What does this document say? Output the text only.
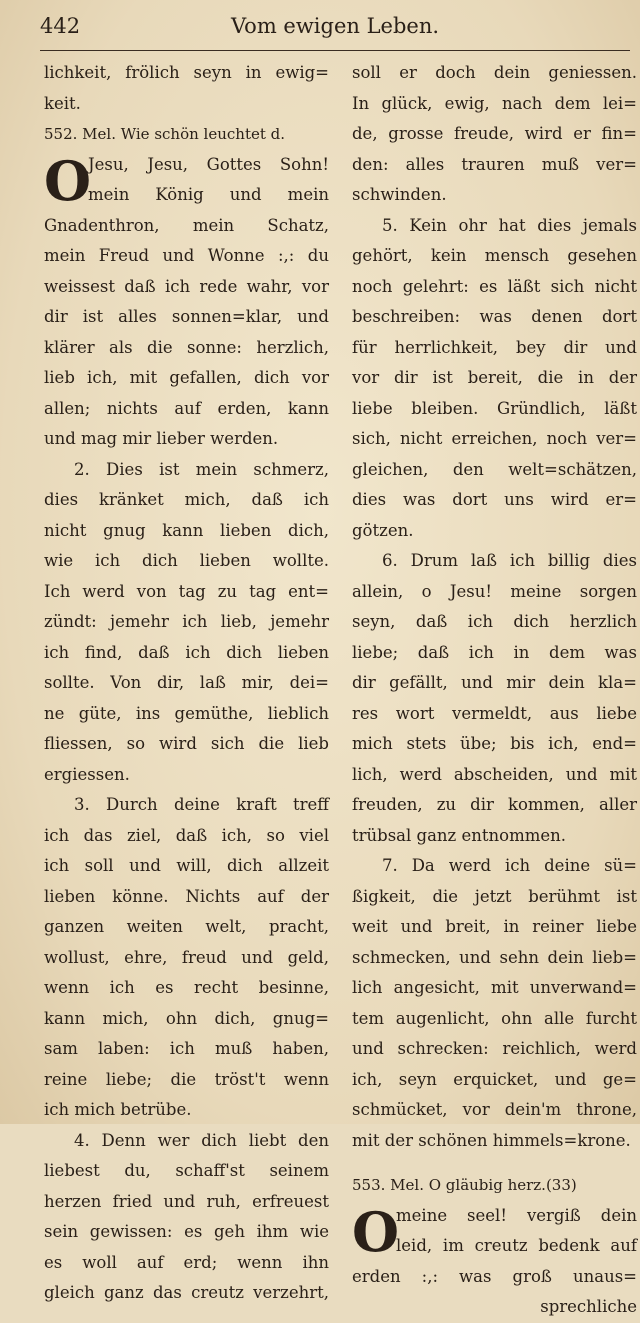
442	Vom ewigen Leben.
lichkeit, frölich seyn in ewig=
keit.
552. Mel. Wie schön leuchtet d.
O
Jesu, Jesu, Gottes Sohn!
mein König und mein
Gnadenthron, mein Schatz,
mein Freud und Wonne :,: du
weissest daß ich rede wahr, vor
dir ist alles sonnen=klar, und
klärer als die sonne: herzlich,
lieb ich, mit gefallen, dich vor
allen; nichts auf erden, kann
und mag mir lieber werden.
2. Dies ist mein schmerz,
dies kränket mich, daß ich
nicht gnug kann lieben dich,
wie ich dich lieben wollte.
Ich werd von tag zu tag ent=
zündt: jemehr ich lieb, jemehr
ich find, daß ich dich lieben
sollte. Von dir, laß mir, dei=
ne güte, ins gemüthe, lieblich
fliessen, so wird sich die lieb
ergiessen.
3. Durch deine kraft treff
ich das ziel, daß ich, so viel
ich soll und will, dich allzeit
lieben könne. Nichts auf der
ganzen weiten welt, pracht,
wollust, ehre, freud und geld,
wenn ich es recht besinne,
kann mich, ohn dich, gnug=
sam laben: ich muß haben,
reine liebe; die tröst't wenn
ich mich betrübe.
4. Denn wer dich liebt den
liebest du, schaff'st seinem
herzen fried und ruh, erfreuest
sein gewissen: es geh ihm wie
es woll auf erd; wenn ihn
gleich ganz das creutz verzehrt,
soll er doch dein geniessen.
In glück, ewig, nach dem lei=
de, grosse freude, wird er fin=
den: alles trauren muß ver=
schwinden.
5. Kein ohr hat dies jemals
gehört, kein mensch gesehen
noch gelehrt: es läßt sich nicht
beschreiben: was denen dort
für herrlichkeit, bey dir und
vor dir ist bereit, die in der
liebe bleiben. Gründlich, läßt
sich, nicht erreichen, noch ver=
gleichen, den welt=schätzen,
dies was dort uns wird er=
götzen.
6. Drum laß ich billig dies
allein, o Jesu! meine sorgen
seyn, daß ich dich herzlich
liebe; daß ich in dem was
dir gefällt, und mir dein kla=
res wort vermeldt, aus liebe
mich stets übe; bis ich, end=
lich, werd abscheiden, und mit
freuden, zu dir kommen, aller
trübsal ganz entnommen.
7. Da werd ich deine sü=
ßigkeit, die jetzt berühmt ist
weit und breit, in reiner liebe
schmecken, und sehn dein lieb=
lich angesicht, mit unverwand=
tem augenlicht, ohn alle furcht
und schrecken: reichlich, werd
ich, seyn erquicket, und ge=
schmücket, vor dein'm throne,
mit der schönen himmels=krone.
553. Mel. O gläubig herz.(33)
O
meine seel! vergiß dein
leid, im creutz bedenk auf
erden :,: was groß unaus=
sprechliche
